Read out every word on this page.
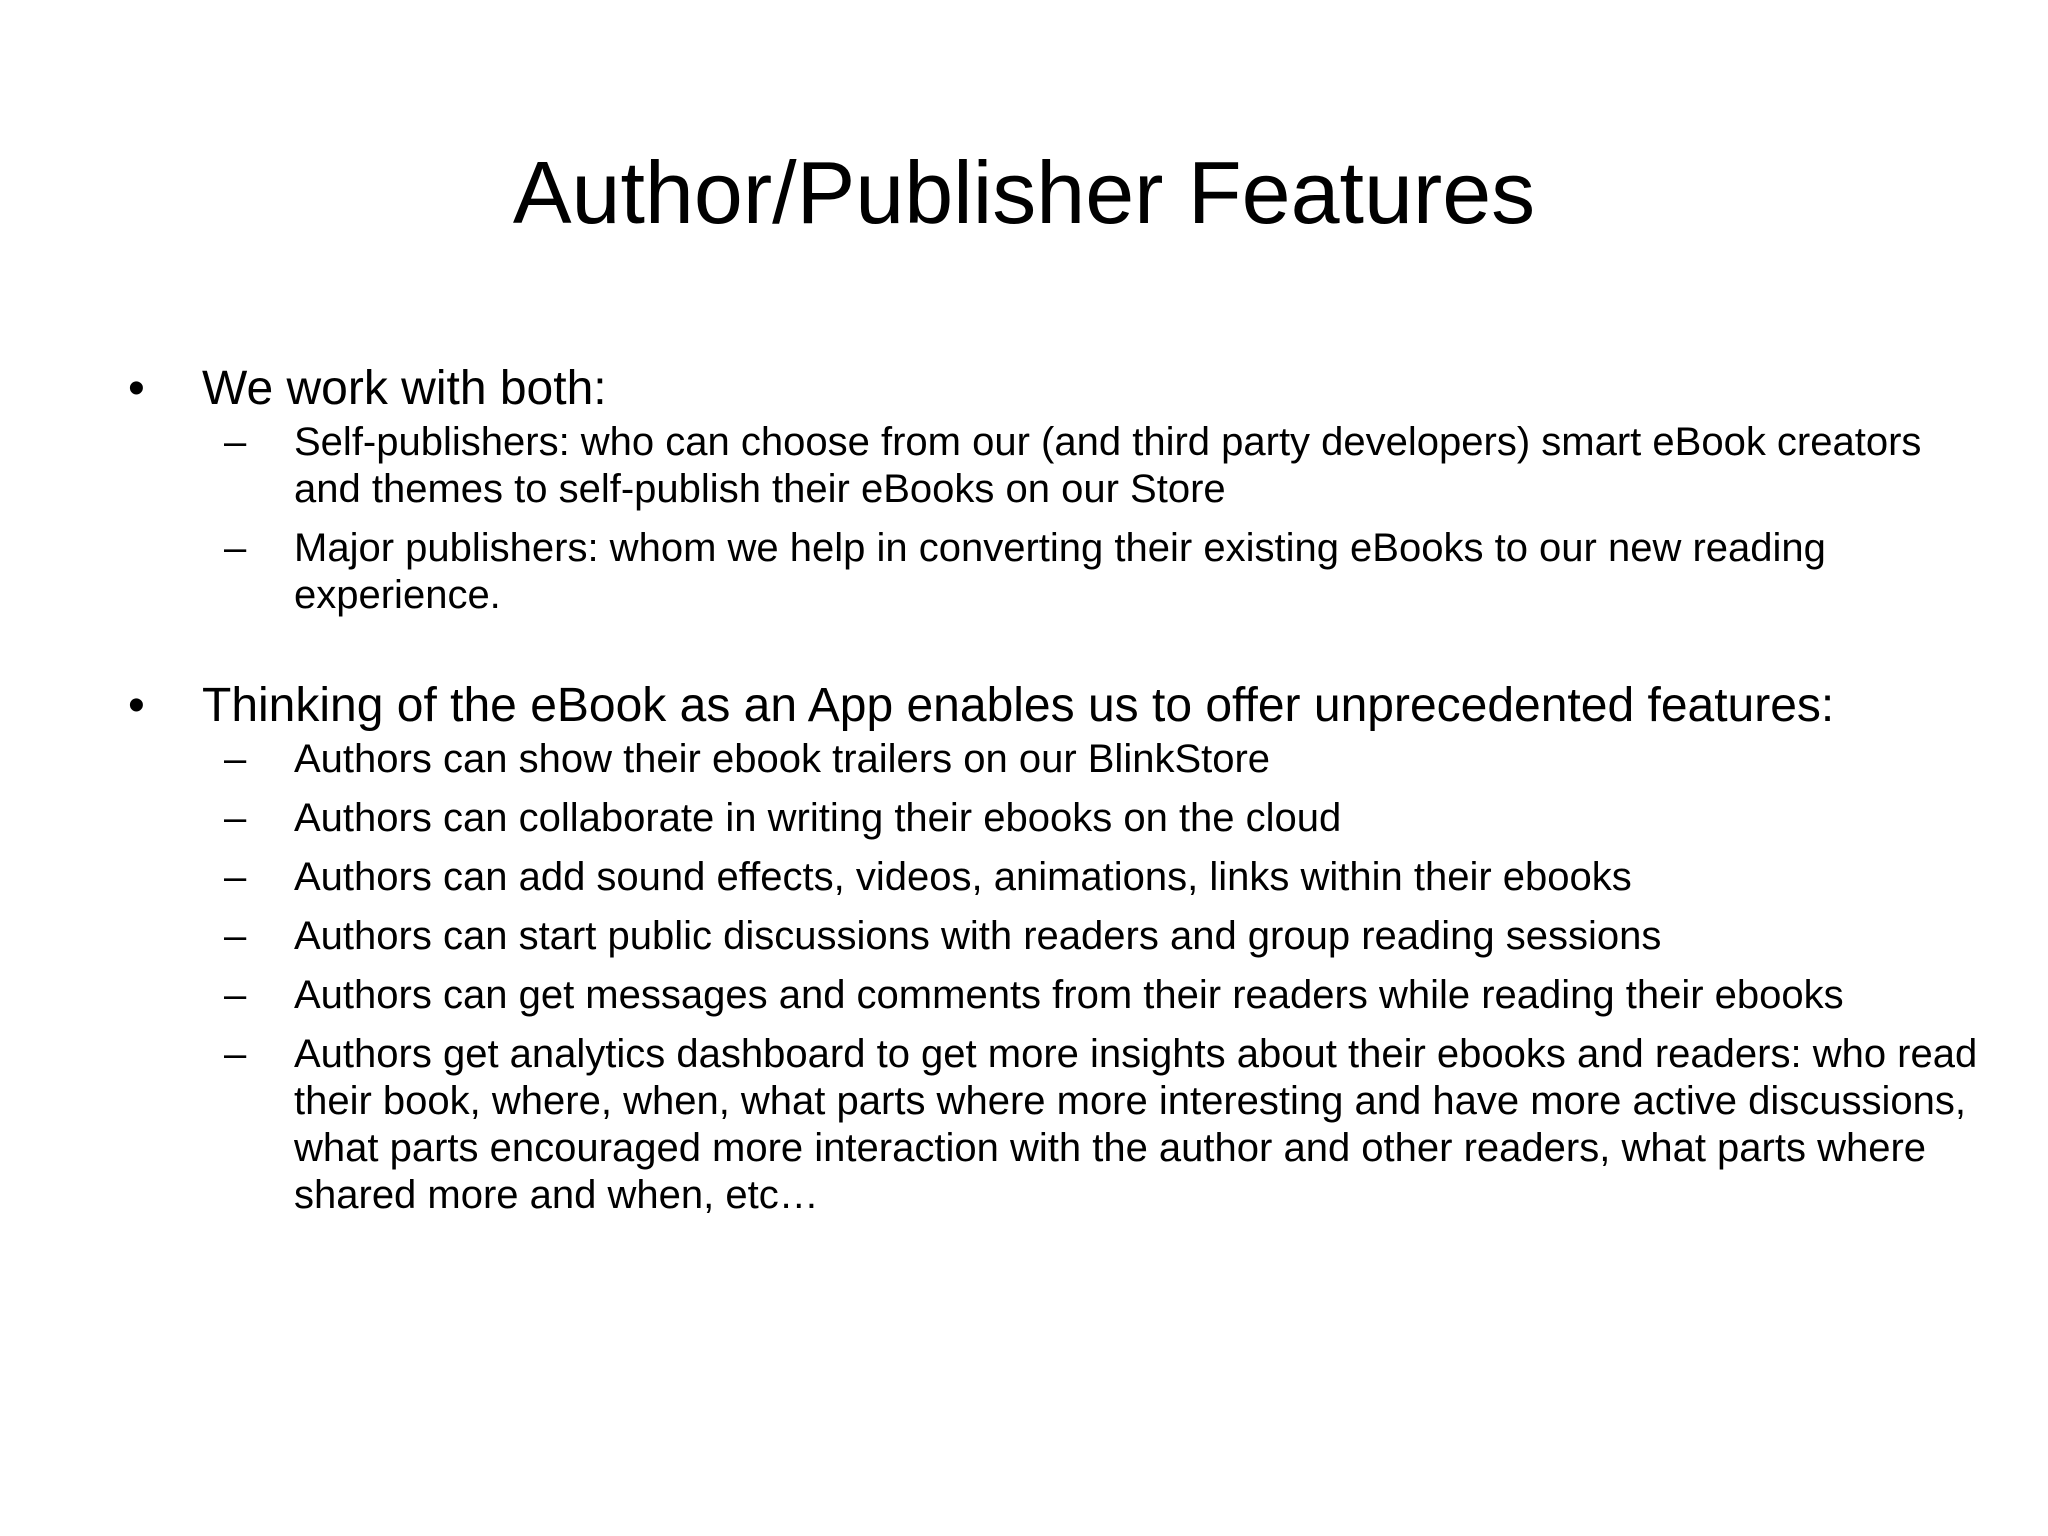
Author/Publisher Features
• We work with both:
– Self-publishers: who can choose from our (and third party developers) smart eBook creators and themes to self-publish their eBooks on our Store
– Major publishers: whom we help in converting their existing eBooks to our new reading experience.
• Thinking of the eBook as an App enables us to offer unprecedented features:
– Authors can show their ebook trailers on our BlinkStore
– Authors can collaborate in writing their ebooks on the cloud
– Authors can add sound effects, videos, animations, links within their ebooks
– Authors can start public discussions with readers and group reading sessions
– Authors can get messages and comments from their readers while reading their ebooks
– Authors get analytics dashboard to get more insights about their ebooks and readers: who read their book, where, when, what parts where more interesting and have more active discussions, what parts encouraged more interaction with the author and other readers, what parts where shared more and when, etc…
